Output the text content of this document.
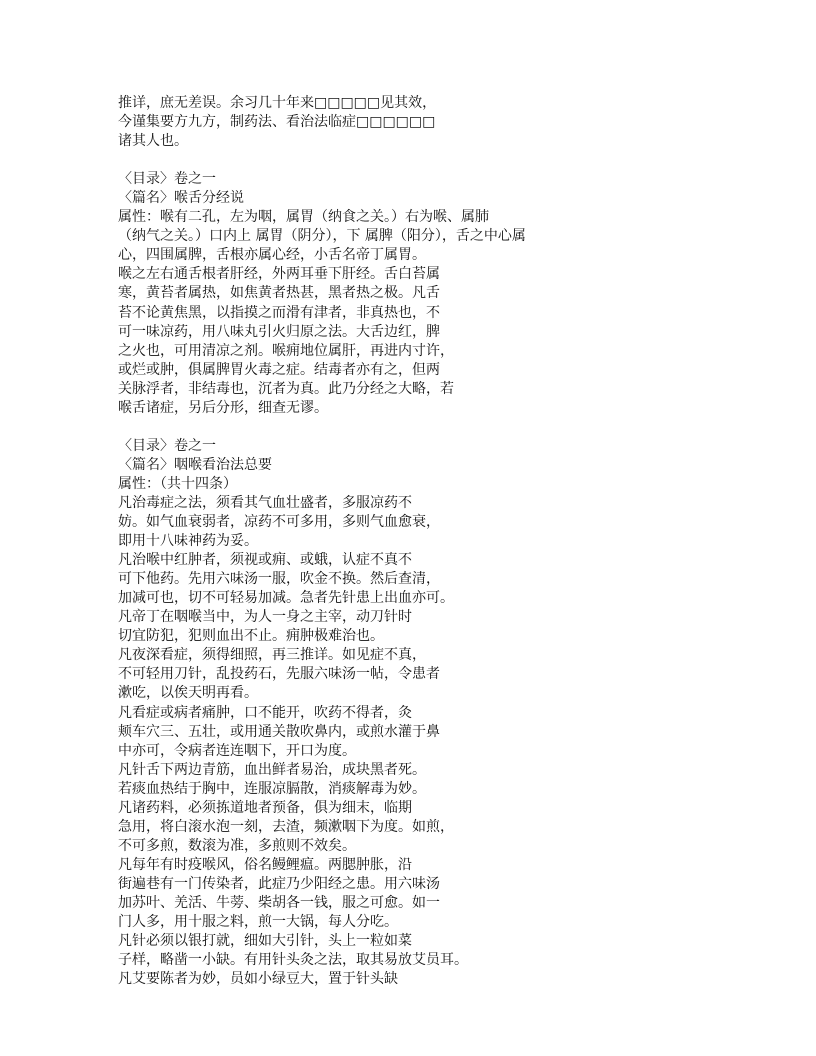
推详，庶无差误。余习几十年来□□□□□见其效，
今谨集要方九方，制药法、看治法临症□□□□□□
诸其人也。
〈目录〉卷之一
〈篇名〉喉舌分经说
属性：喉有二孔，左为咽，属胃（纳食之关。）右为喉、属肺
（纳气之关。）口内上 属胃（阴分），下 属脾（阳分），舌之中心属
心，四围属脾，舌根亦属心经，小舌名帝丁属胃。
喉之左右通舌根者肝经，外两耳垂下肝经。舌白苔属
寒，黄苔者属热，如焦黄者热甚，黑者热之极。凡舌
苔不论黄焦黑，以指摸之而滑有津者，非真热也，不
可一味凉药，用八味丸引火归原之法。大舌边红，脾
之火也，可用清凉之剂。喉痈地位属肝，再进内寸许，
或烂或肿，俱属脾胃火毒之症。结毒者亦有之，但两
关脉浮者，非结毒也，沉者为真。此乃分经之大略，若
喉舌诸症，另后分形，细查无谬。
〈目录〉卷之一
〈篇名〉咽喉看治法总要
属性：（共十四条）
凡治毒症之法，须看其气血壮盛者，多服凉药不
妨。如气血衰弱者，凉药不可多用，多则气血愈衰，
即用十八味神药为妥。
凡治喉中红肿者，须视或痈、或蛾，认症不真不
可下他药。先用六味汤一服，吹金不换。然后查清，
加减可也，切不可轻易加减。急者先针患上出血亦可。
凡帝丁在咽喉当中，为人一身之主宰，动刀针时
切宜防犯，犯则血出不止。痈肿极难治也。
凡夜深看症，须得细照，再三推详。如见症不真，
不可轻用刀针，乱投药石，先服六味汤一帖，令患者
漱吃，以俟天明再看。
凡看症或病者痛肿，口不能开，吹药不得者，灸
颊车穴三、五壮，或用通关散吹鼻内，或煎水灌于鼻
中亦可，令病者连连咽下，开口为度。
凡针舌下两边青筋，血出鲜者易治，成块黑者死。
若痰血热结于胸中，连服凉膈散，消痰解毒为妙。
凡诸药料，必须拣道地者预备，俱为细末，临期
急用，将白滚水泡一刻，去渣，频漱咽下为度。如煎，
不可多煎，数滚为准，多煎则不效矣。
凡每年有时疫喉风，俗名鳗鲤瘟。两腮肿胀，沿
街遍巷有一门传染者，此症乃少阳经之患。用六味汤
加苏叶、羌活、牛蒡、柴胡各一钱，服之可愈。如一
门人多，用十服之料，煎一大锅，每人分吃。
凡针必须以银打就，细如大引针，头上一粒如菜
子样，略凿一小缺。有用针头灸之法，取其易放艾员耳。
凡艾要陈者为妙，员如小绿豆大，置于针头缺
